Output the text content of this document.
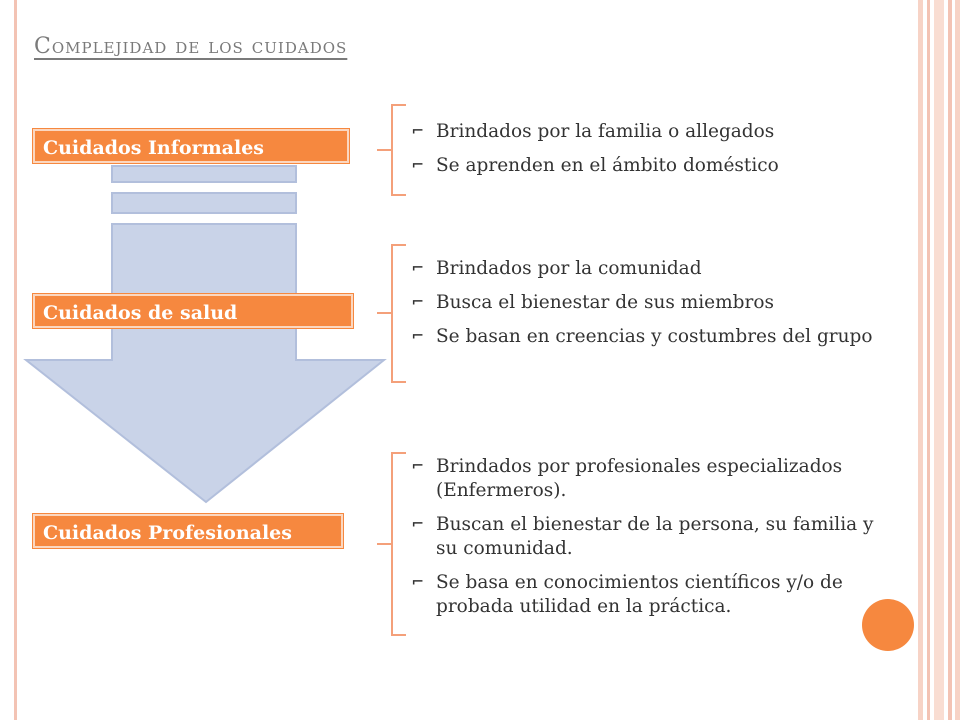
Complejidad de los cuidados
Cuidados Informales
Cuidados de salud
Cuidados Profesionales
⌐ Brindados por la familia o allegados
⌐ Se aprenden en el ámbito doméstico
⌐ Brindados por la comunidad
⌐ Busca el bienestar de sus miembros
⌐ Se basan en creencias y costumbres del grupo
⌐ Brindados por profesionales especializados (Enfermeros).
⌐ Buscan el bienestar de la persona, su familia y su comunidad.
⌐ Se basa en conocimientos científicos y/o de probada utilidad en la práctica.
